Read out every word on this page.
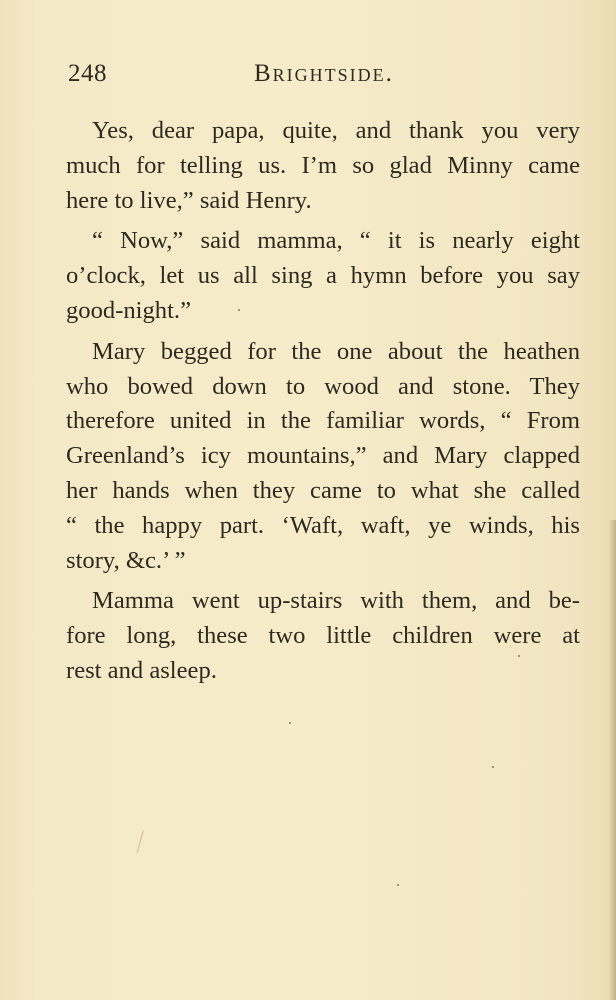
248	Brightside.
Yes, dear papa, quite, and thank you very
much for telling us. I’m so glad Minny came
here to live,” said Henry.
“ Now,” said mamma, “ it is nearly eight
o’clock, let us all sing a hymn before you say
good-night.”
Mary begged for the one about the heathen
who bowed down to wood and stone. They
therefore united in the familiar words, “ From
Greenland’s icy mountains,” and Mary clapped
her hands when they came to what she called
“ the happy part. ‘Waft, waft, ye winds, his
story, &c.’ ”
Mamma went up-stairs with them, and be-
fore long, these two little children were at
rest and asleep.
⟋
